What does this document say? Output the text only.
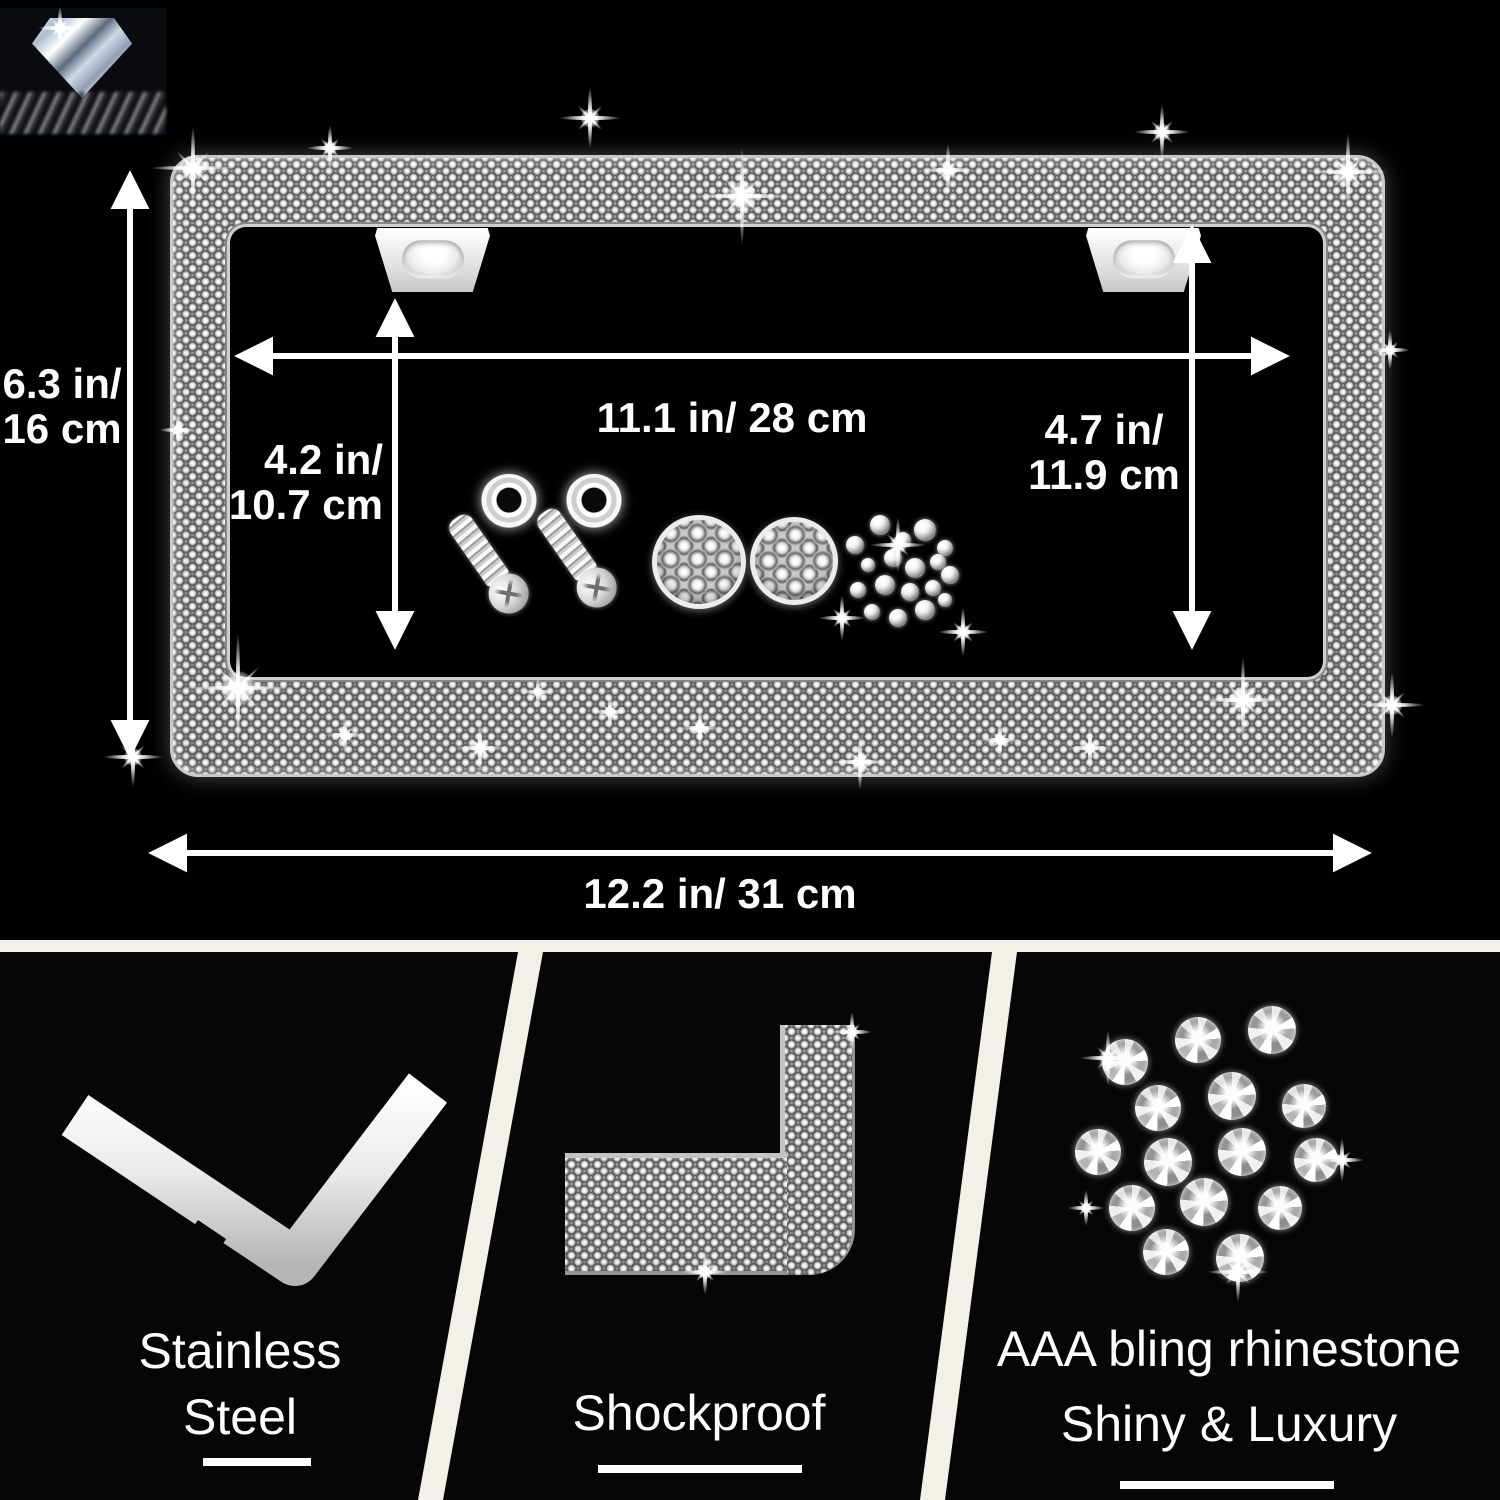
6.3 in/
16 cm
4.2 in/
10.7 cm
11.1 in/ 28 cm	4.7 in/
11.9 cm
12.2 in/ 31 cm
Stainless
Steel	Shockproof
AAA bling rhinestone
Shiny & Luxury
